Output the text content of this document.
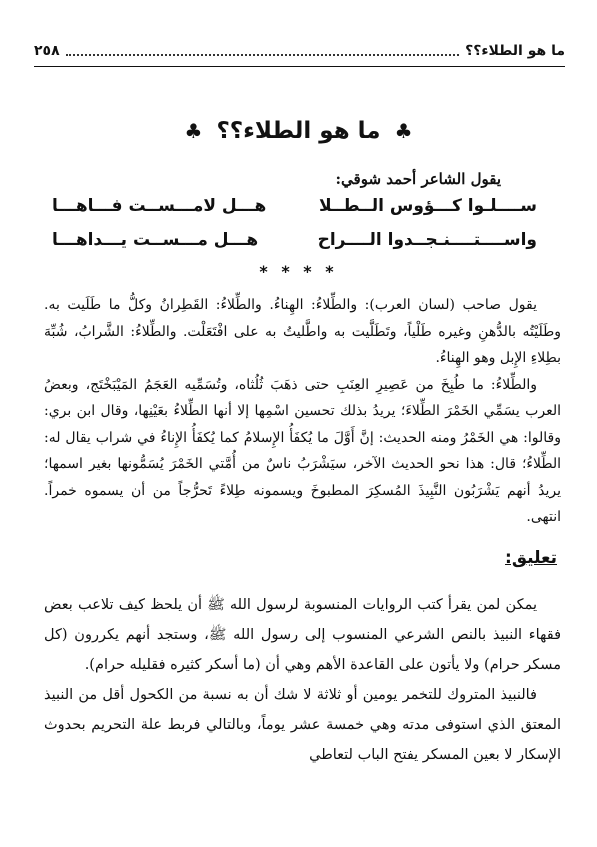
ما هو الطلاء؟؟
٢٥٨
♣ ما هو الطلاء؟؟ ♣
يقول الشاعر أحمد شوقي:
ســــلـوا كـــؤوس الــطــلا
هـــل لامـــســت فـــاهـــا
واســــتــــنـجــدوا الــــراح
هـــل مـــســت يـــداهـــا
* * * *

يقول صاحب (لسان العرب): والطِّلاءُ: الهِناءُ. والطِّلاءُ: القَطِرانُ وكلُّ ما طَلَيت به. وطَلَيْتُه بالدُّهنِ وغيره طَلْياً، وتَطَلَّيت به واطَّليتُ به على افْتَعَلْت. والطِّلاءُ: الشَّرابُ، شُبِّهَ بطِلاءِ الإِبل وهو الهِناءُ.

والطِّلاءُ: ما طُبِخَ من عَصِيرِ العِنَبِ حتى ذهَبَ ثُلُثاه، وتُسَمِّيه العَجَمُ المَيْبَخْتَج، وبعضُ العرب يسَمِّي الخَمْرَ الطِّلاءَ؛ يريدُ بذلك تحسين اسْمِها إلا أنها الطِّلاءُ بعَيْنِها، وقال ابن بري: وقالوا: هي الخَمْرُ ومنه الحديث: إنَّ أَوَّلَ ما يُكفَأُ الإِسلامُ كما يُكفَأُ الإِناءُ في شراب يقال له: الطِّلاءُ؛ قال: هذا نحو الحديث الآخر، سيَشْرَبُ ناسٌ من أُمَّتي الخَمْرَ يُسَمُّونها بغير اسمها؛ يريدُ أنهم يَشْرَبُون النَّبِيذَ المُسكِرَ المطبوخَ ويسمونه طِلاءً تَحرُّجاً من أن يسموه خمراً. انتهى.

تعليق:

يمكن لمن يقرأ كتب الروايات المنسوبة لرسول الله ﷺ أن يلحظ كيف تلاعب بعض فقهاء النبيذ بالنص الشرعي المنسوب إلى رسول الله ﷺ، وستجد أنهم يكررون (كل مسكر حرام) ولا يأتون على القاعدة الأهم وهي أن (ما أسكر كثيره فقليله حرام).

فالنبيذ المتروك للتخمر يومين أو ثلاثة لا شك أن به نسبة من الكحول أقل من النبيذ المعتق الذي استوفى مدته وهي خمسة عشر يوماً، وبالتالي فربط علة التحريم بحدوث الإسكار لا بعين المسكر يفتح الباب لتعاطي
